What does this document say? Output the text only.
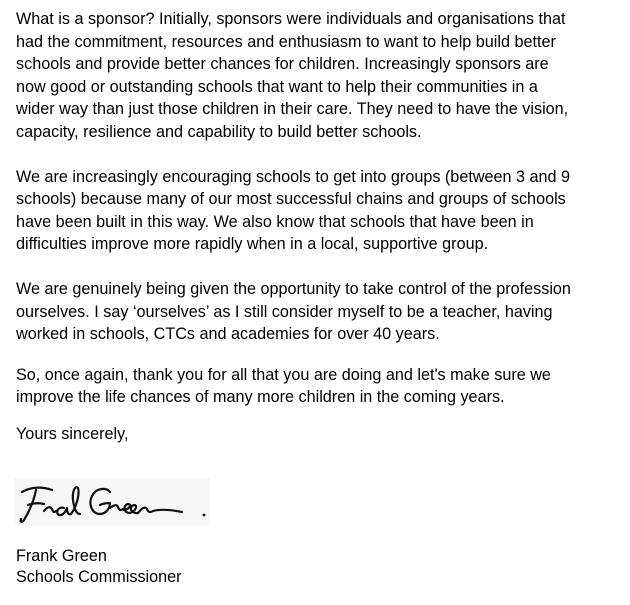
What is a sponsor? Initially, sponsors were individuals and organisations that
had the commitment, resources and enthusiasm to want to help build better
schools and provide better chances for children. Increasingly sponsors are
now good or outstanding schools that want to help their communities in a
wider way than just those children in their care. They need to have the vision,
capacity, resilience and capability to build better schools.

We are increasingly encouraging schools to get into groups (between 3 and 9
schools) because many of our most successful chains and groups of schools
have been built in this way. We also know that schools that have been in
difficulties improve more rapidly when in a local, supportive group.

We are genuinely being given the opportunity to take control of the profession
ourselves. I say ‘ourselves’ as I still consider myself to be a teacher, having
worked in schools, CTCs and academies for over 40 years.

So, once again, thank you for all that you are doing and let's make sure we
improve the life chances of many more children in the coming years.

Yours sincerely,

Frank Green
Schools Commissioner
